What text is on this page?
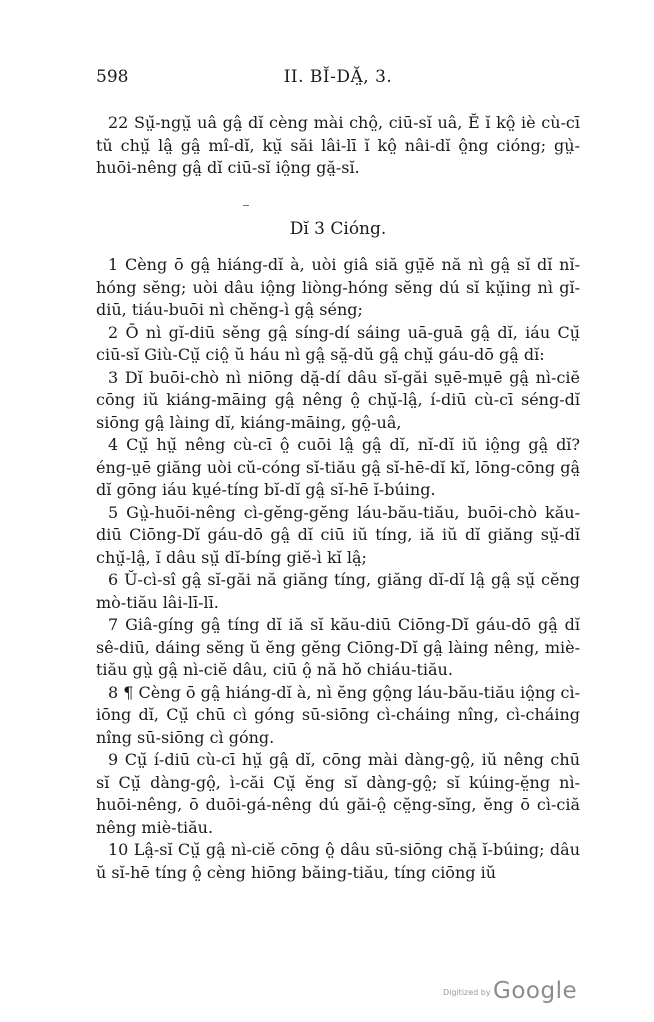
598	II. BĬ-DĂ̤, 3.

22 Sṳ̆-ngṳ̆ uâ gâ̤ dĭ cèng mài chô̤, ciū-sĭ uâ, Ĕ ĭ kô̤ iè cù-cī tŭ chṳ̆ lâ̤ gâ̤ mî-dĭ, kṳ̆ săi lâi-lī ĭ kô̤ nâi-dĭ ô̤ng cióng; gṳ̀-huōi-nêng gâ̤ dĭ ciū-sĭ iô̤ng gă̤-sĭ.

Dĭ 3 Cióng.

1 Cèng ō gâ̤ hiáng-dĭ à, uòi giâ siă gṳ̄ĕ nă nì gâ̤ sĭ dĭ nĭ-hóng sĕng; uòi dâu iô̤ng liòng-hóng sĕng dú sĭ kṳ̆ing nì gĭ-diū, tiáu-buōi nì chĕng-ì gâ̤ séng;

2 Ō nì gĭ-diū sĕng gâ̤ síng-dí sáing uā-guā gâ̤ dĭ, iáu Cṳ̆ ciū-sĭ Giù-Cṳ̆ ciô̤ ŭ háu nì gâ̤ să̤-dŭ gâ̤ chṳ̆ gáu-dō gâ̤ dĭ:

3 Dĭ buōi-chò nì niōng dă̤-dí dâu sĭ-găi sṳē-mṳē gâ̤ nì-ciĕ cōng iŭ kiáng-māing gâ̤ nêng ô̤ chṳ̆-lâ̤, í-diū cù-cī séng-dĭ siōng gâ̤ làing dĭ, kiáng-māing, gô̤-uâ,

4 Cṳ̆ hṳ̆ nêng cù-cī ô̤ cuōi lâ̤ gâ̤ dĭ, nĭ-dĭ iŭ iô̤ng gâ̤ dĭ? éng-ṳē giăng uòi cŭ-cóng sĭ-tiău gâ̤ sĭ-hē-dĭ kĭ, lōng-cōng gâ̤ dĭ gōng iáu kṳé-tíng bĭ-dĭ gâ̤ sĭ-hē ĭ-búing.

5 Gṳ̀-huōi-nêng cì-gĕng-gĕng láu-bău-tiău, buōi-chò kău-diū Ciōng-Dĭ gáu-dō gâ̤ dĭ ciū iŭ tíng, iă iŭ dĭ giăng sṳ̆-dĭ chṳ̆-lâ̤, ĭ dâu sṳ̆ dĭ-bíng giĕ-ì kĭ lâ̤;

6 Ŭ-cì-sî gâ̤ sĭ-găi nă giăng tíng, giăng dĭ-dĭ lâ̤ gâ̤ sṳ̆ cĕng mò-tiău lâi-lī-lī.

7 Giâ-gíng gâ̤ tíng dĭ iă sĭ kău-diū Ciōng-Dĭ gáu-dō gâ̤ dĭ sê-diū, dáing sĕng ŭ ĕng gĕng Ciōng-Dĭ gâ̤ làing nêng, miè-tiău gṳ̀ gâ̤ nì-ciĕ dâu, ciū ô̤ nă hŏ chiáu-tiău.

8 ¶ Cèng ō gâ̤ hiáng-dĭ à, nì ĕng gô̤ng láu-bău-tiău iô̤ng cì-iōng dĭ, Cṳ̆ chū cì góng sū-siōng cì-cháing nîng, cì-cháing nîng sū-siōng cì góng.

9 Cṳ̆ í-diū cù-cī hṳ̆ gâ̤ dĭ, cōng mài dàng-gô̤, iŭ nêng chū sĭ Cṳ̆ dàng-gô̤, ì-căi Cṳ̆ ĕng sĭ dàng-gô̤; sĭ kúing-ĕ̤ng nì-huōi-nêng, ō duōi-gá-nêng dú găi-ô̤ cĕ̤ng-sĭng, ĕng ō cì-ciă nêng miè-tiău.

10 Lâ̤-sĭ Cṳ̆ gâ̤ nì-ciĕ cōng ô̤ dâu sū-siōng chă̤ ĭ-búing; dâu ŭ sĭ-hē tíng ô̤ cèng hiōng băing-tiău, tíng ciōng iŭ

Digitized by Google
